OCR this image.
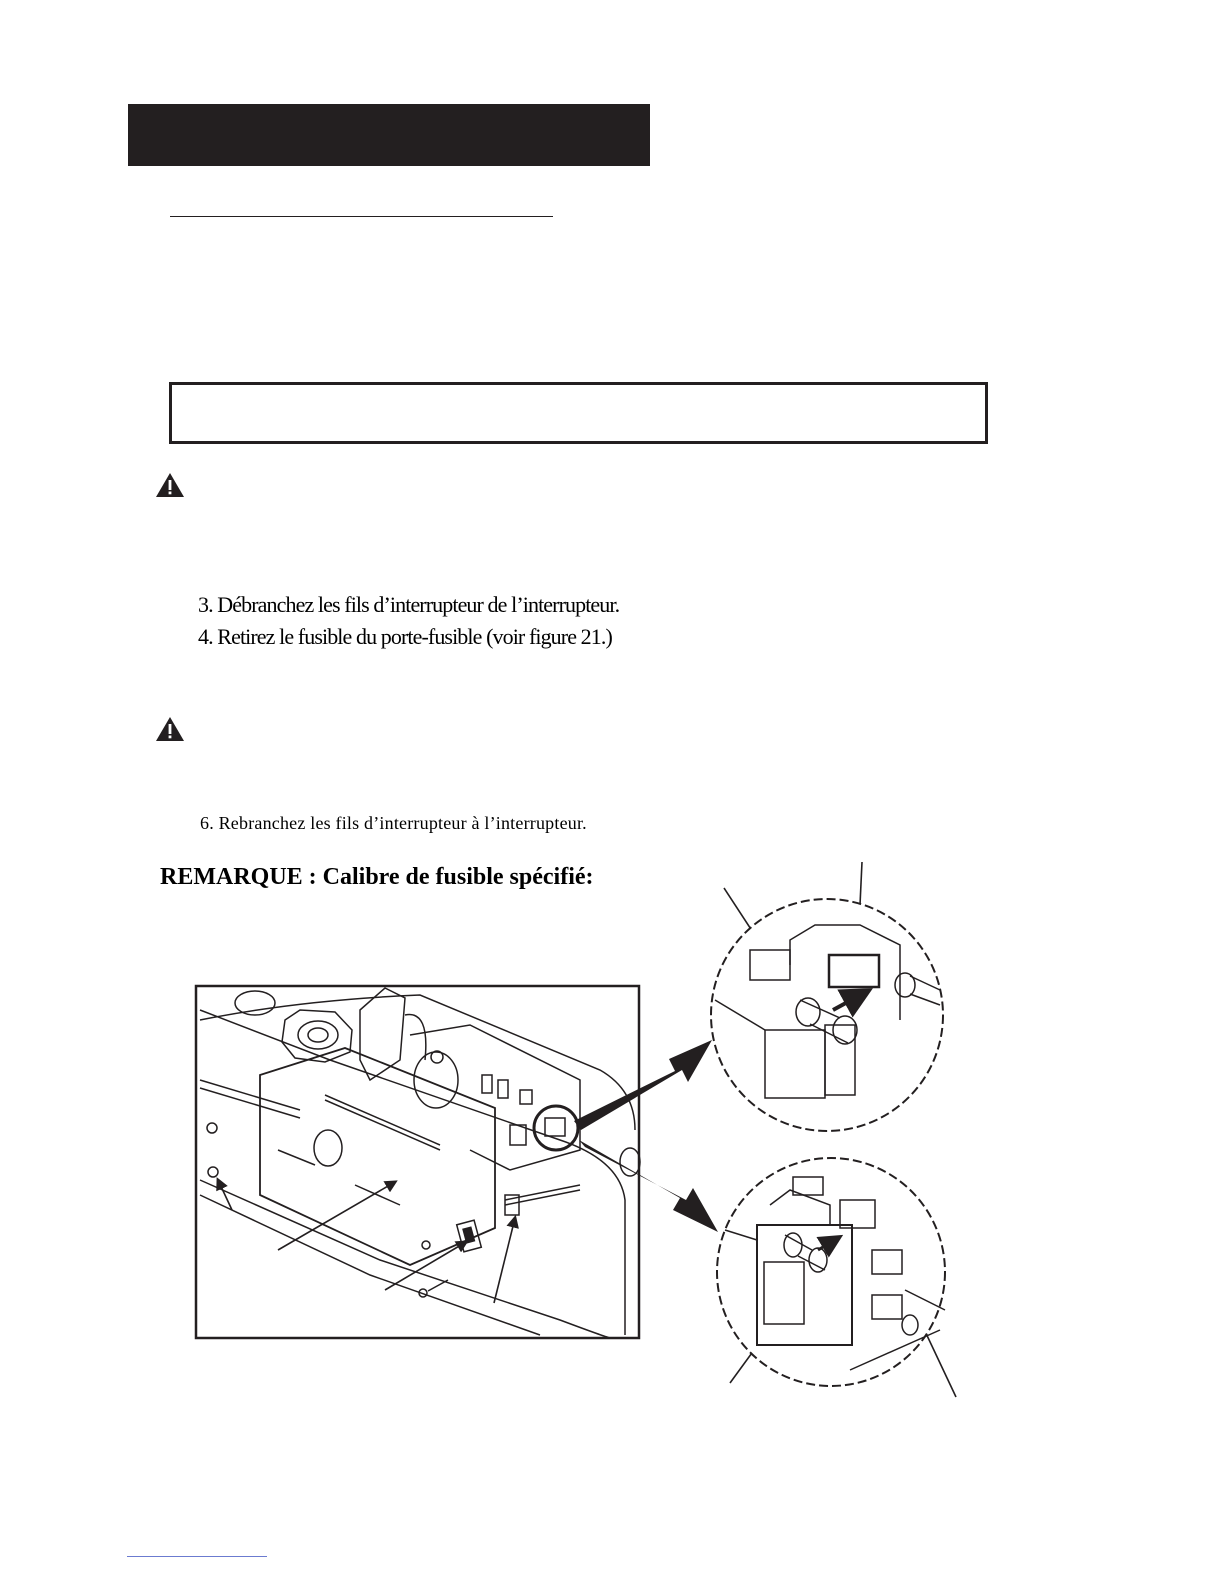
3. Débranchez les fils d’interrupteur de l’interrupteur.
4. Retirez le fusible du porte-fusible (voir figure 21.)
6. Rebranchez les fils d’interrupteur à l’interrupteur.
REMARQUE : Calibre de fusible spécifié:
